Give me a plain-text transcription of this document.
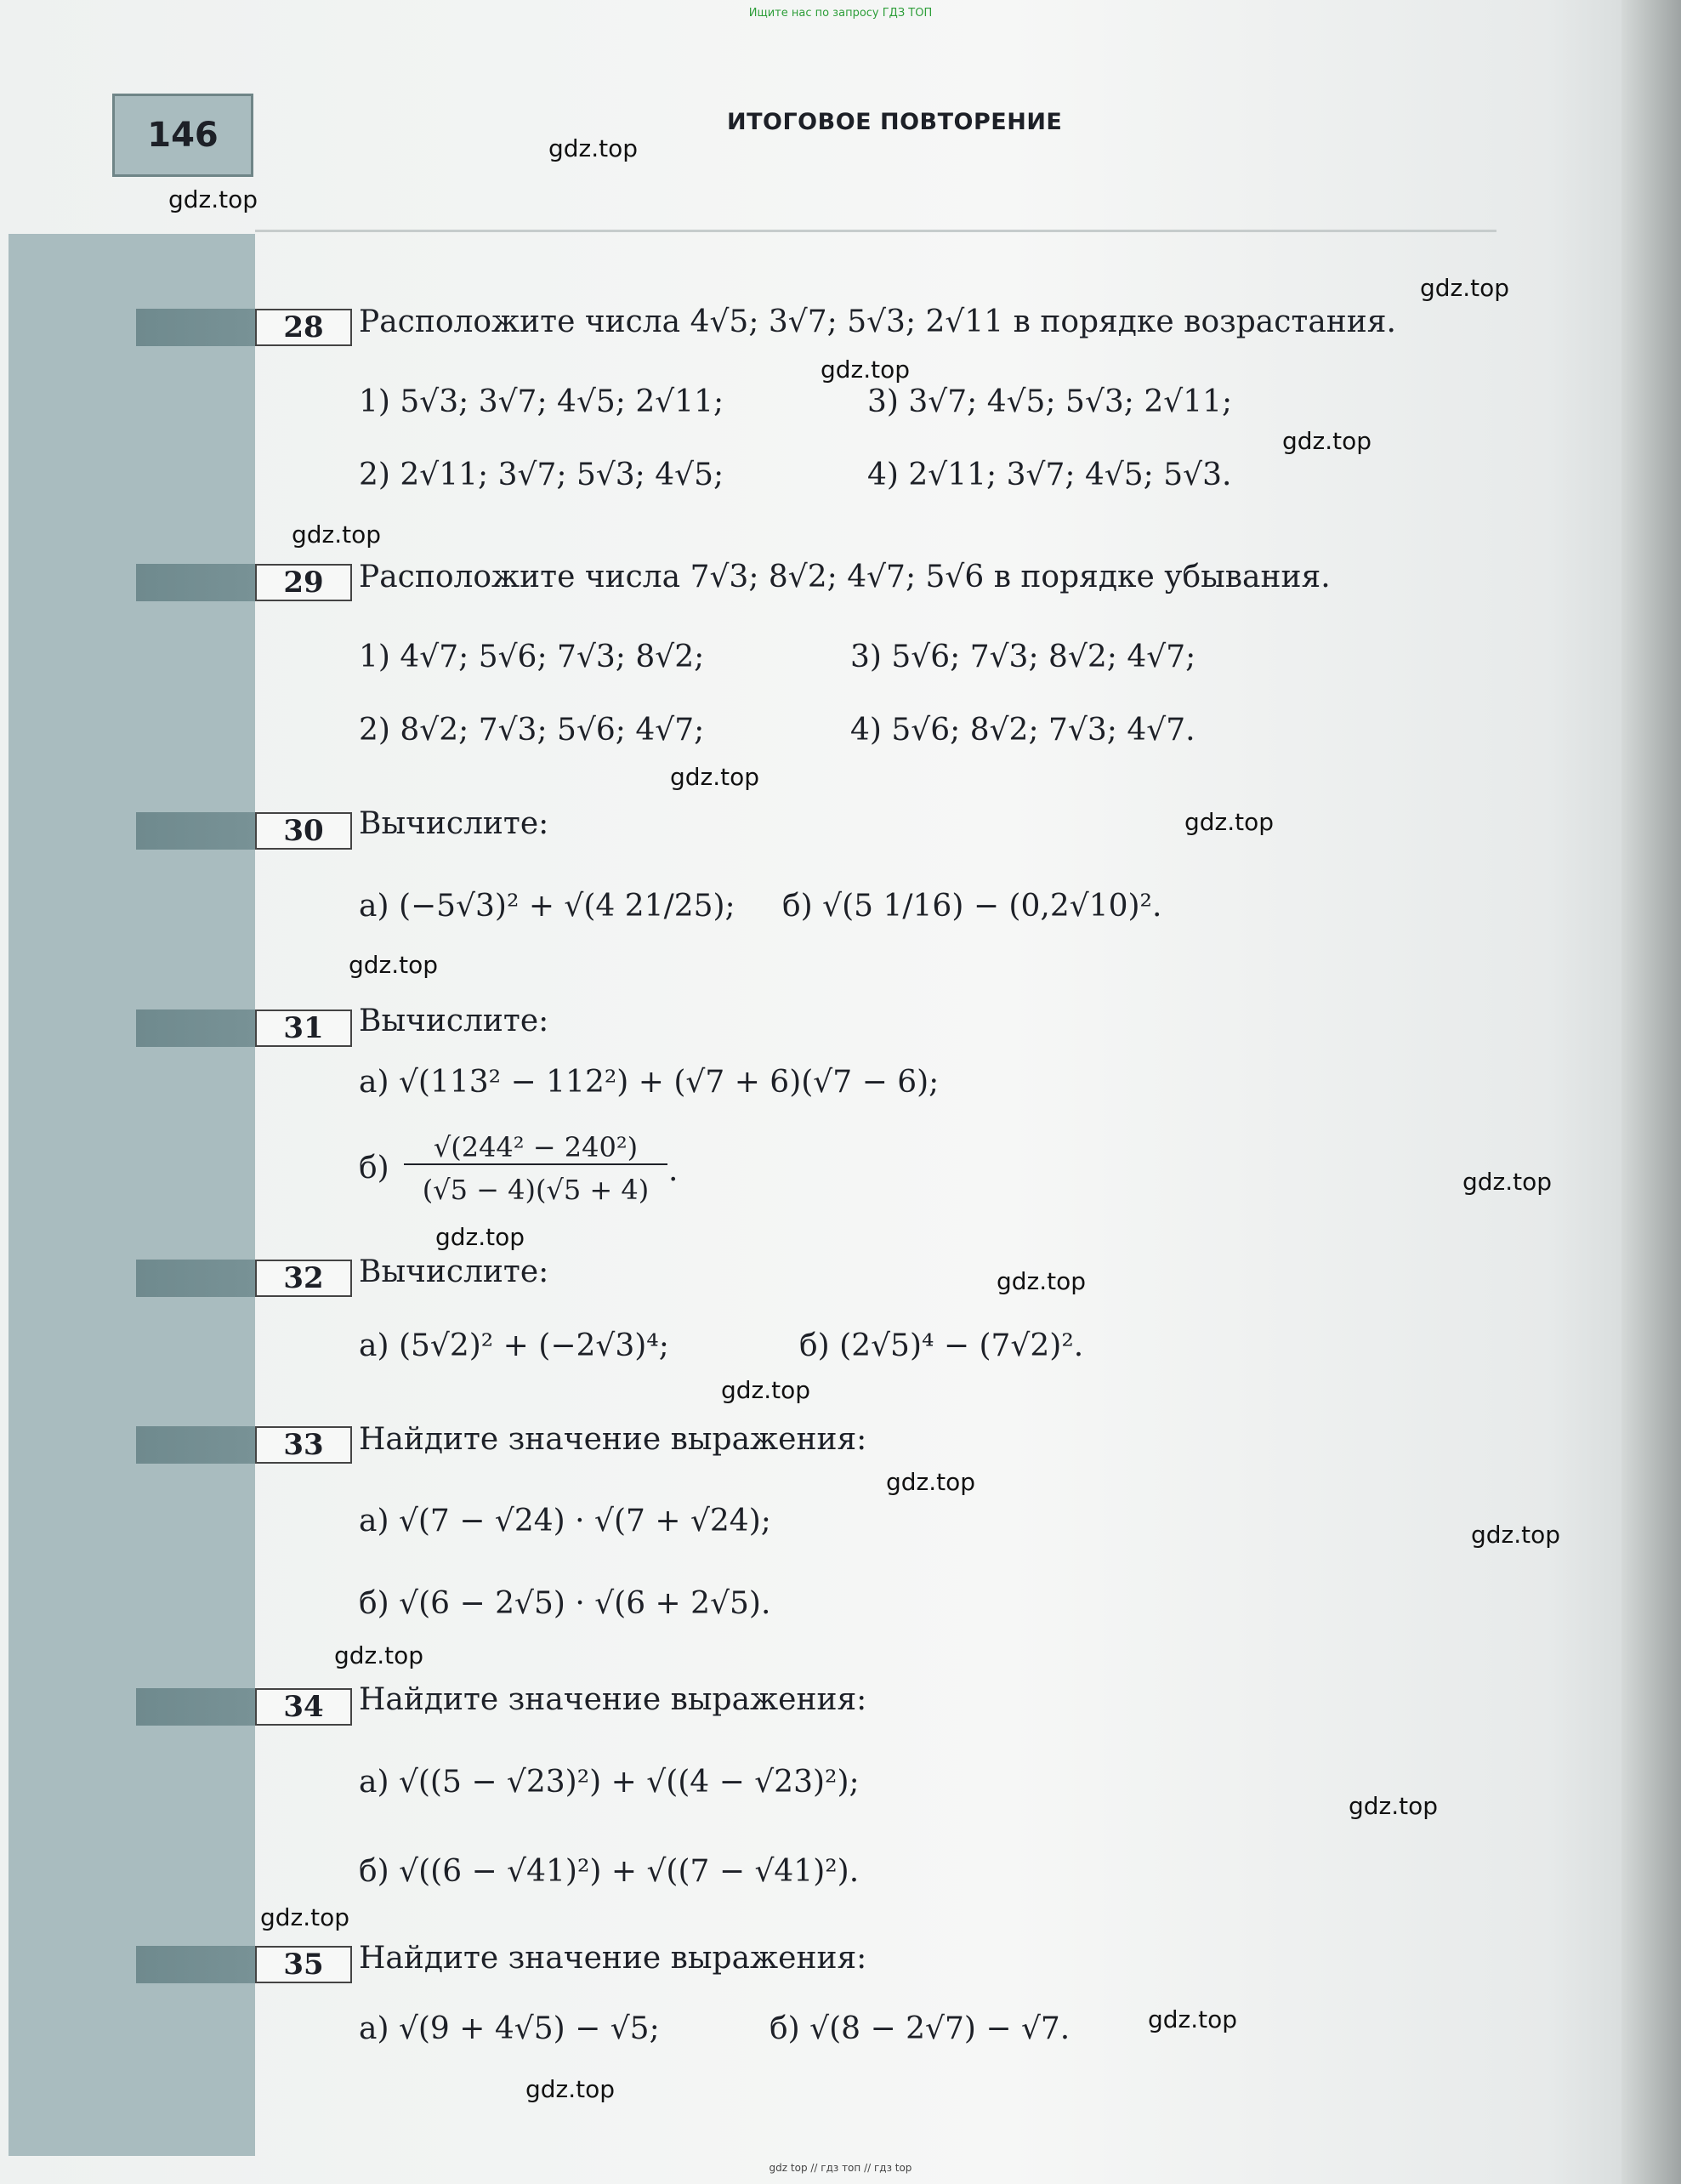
Ищите нас по запросу ГДЗ ТОП
146	ИТОГОВОЕ ПОВТОРЕНИЕ
28	Расположите числа 4√5; 3√7; 5√3; 2√11 в порядке возрастания.
1) 5√3; 3√7; 4√5; 2√11;	3) 3√7; 4√5; 5√3; 2√11;
2) 2√11; 3√7; 5√3; 4√5;	4) 2√11; 3√7; 4√5; 5√3.
29	Расположите числа 7√3; 8√2; 4√7; 5√6 в порядке убывания.
1) 4√7; 5√6; 7√3; 8√2;	3) 5√6; 7√3; 8√2; 4√7;
2) 8√2; 7√3; 5√6; 4√7;	4) 5√6; 8√2; 7√3; 4√7.
30	Вычислите:
а) (−5√3)² + √(4 21/25); б) √(5 1/16) − (0,2√10)².
31	Вычислите:
а) √(113² − 112²) + (√7 + 6)(√7 − 6);
б)
√(244² − 240²)
(√5 − 4)(√5 + 4)
.
32	Вычислите:
а) (5√2)² + (−2√3)⁴;	б) (2√5)⁴ − (7√2)².
33	Найдите значение выражения:
а) √(7 − √24) · √(7 + √24);
б) √(6 − 2√5) · √(6 + 2√5).
34	Найдите значение выражения:
а) √((5 − √23)²) + √((4 − √23)²);
б) √((6 − √41)²) + √((7 − √41)²).
35	Найдите значение выражения:
а) √(9 + 4√5) − √5;	б) √(8 − 2√7) − √7.
gdz.top
gdz.top
gdz.top
gdz.top
gdz.top
gdz.top
gdz.top
gdz.top
gdz.top
gdz.top
gdz.top
gdz.top
gdz.top
gdz.top
gdz.top
gdz.top
gdz.top
gdz.top
gdz.top
gdz.top
gdz top // гдз топ // гдз top
